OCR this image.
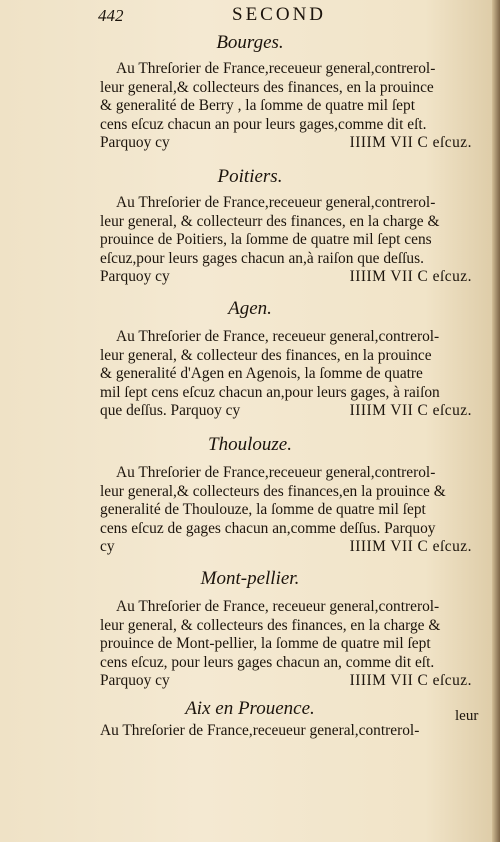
442	SECOND
Bourges.
Au Threſorier de France,receueur general,contrerol-
leur general,& collecteurs des finances, en la prouince
& generalité de Berry , la ſomme de quatre mil ſept
cens eſcuz chacun an pour leurs gages,comme dit eſt.
Parquoy cy	IIIIM VII C eſcuz.
Poitiers.
Au Threſorier de France,receueur general,contrerol-
leur general, & collecteurr des finances, en la charge &
prouince de Poitiers, la ſomme de quatre mil ſept cens
eſcuz,pour leurs gages chacun an,à raiſon que deſſus.
Parquoy cy	IIIIM VII C eſcuz.
Agen.
Au Threſorier de France, receueur general,contrerol-
leur general, & collecteur des finances, en la prouince
& generalité d'Agen en Agenois, la ſomme de quatre
mil ſept cens eſcuz chacun an,pour leurs gages, à raiſon
que deſſus. Parquoy cy	IIIIM VII C eſcuz.
Thoulouze.
Au Threſorier de France,receueur general,contrerol-
leur general,& collecteurs des finances,en la prouince &
generalité de Thoulouze, la ſomme de quatre mil ſept
cens eſcuz de gages chacun an,comme deſſus. Parquoy
cy	IIIIM VII C eſcuz.
Mont-pellier.
Au Threſorier de France, receueur general,contrerol-
leur general, & collecteurs des finances, en la charge &
prouince de Mont-pellier, la ſomme de quatre mil ſept
cens eſcuz, pour leurs gages chacun an, comme dit eſt.
Parquoy cy	IIIIM VII C eſcuz.
Aix en Prouence.
Au Threſorier de France,receueur general,contrerol-
leur
